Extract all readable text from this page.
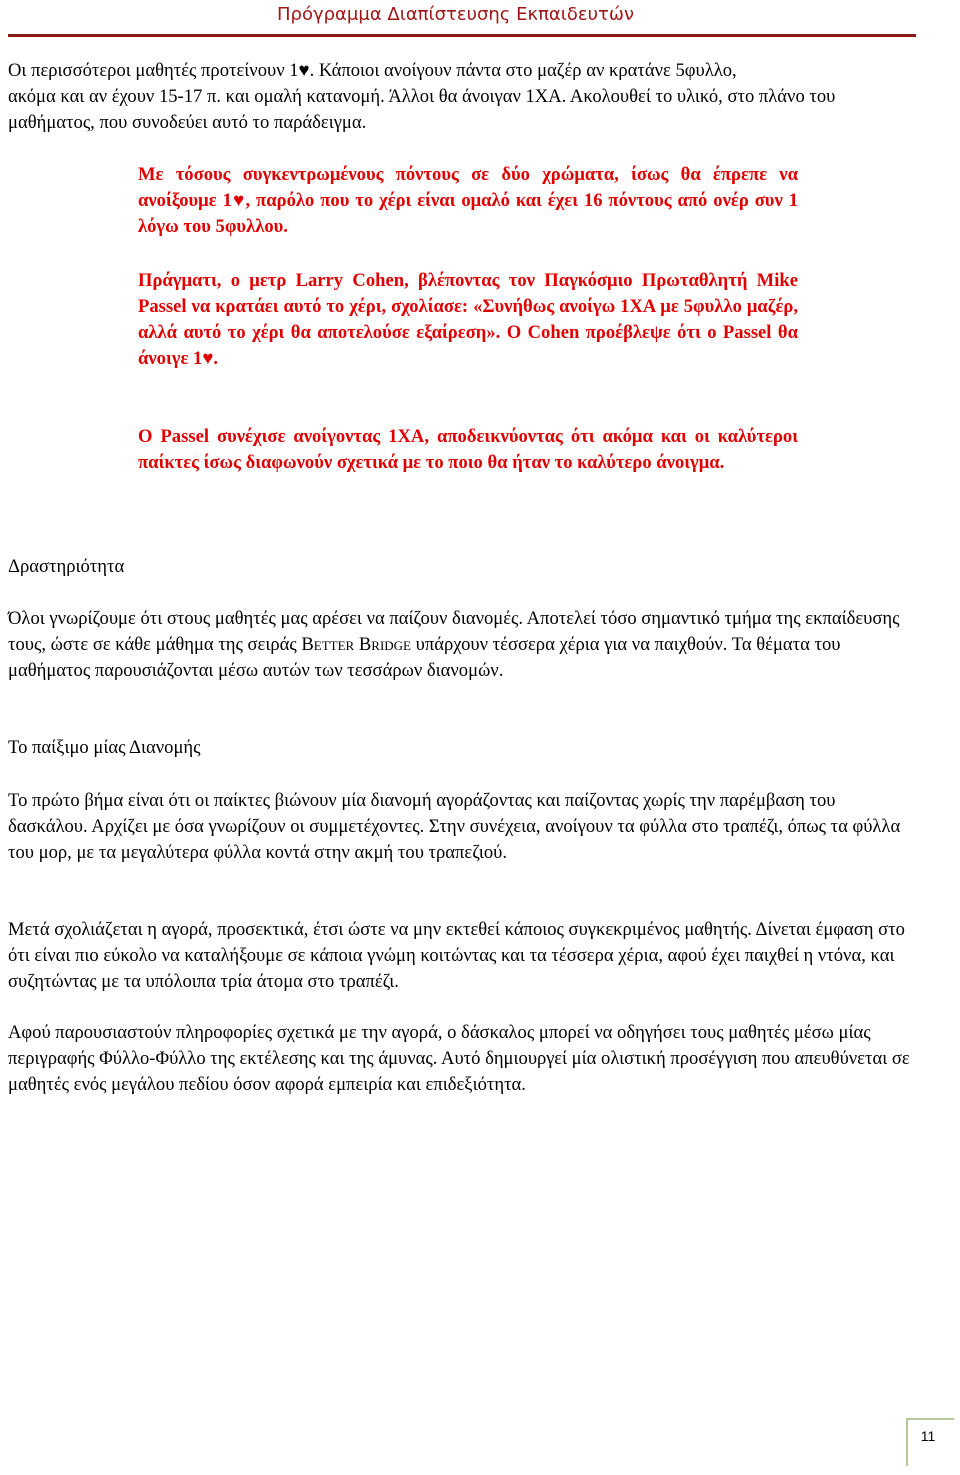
Πρόγραμμα Διαπίστευσης Εκπαιδευτών

Οι περισσότεροι μαθητές προτείνουν 1♥. Κάποιοι ανοίγουν πάντα στο μαζέρ αν κρατάνε 5φυλλο,
ακόμα και αν έχουν 15-17 π. και ομαλή κατανομή. Άλλοι θα άνοιγαν 1ΧΑ. Ακολουθεί το υλικό, στο πλάνο του μαθήματος, που συνοδεύει αυτό το παράδειγμα.

Με τόσους συγκεντρωμένους πόντους σε δύο χρώματα, ίσως θα έπρεπε να ανοίξουμε 1♥, παρόλο που το χέρι είναι ομαλό και έχει 16 πόντους από ονέρ συν 1 λόγω του 5φυλλου.

Πράγματι, ο μετρ Larry Cohen, βλέποντας τον Παγκόσμιο Πρωταθλητή Mike Passel να κρατάει αυτό το χέρι, σχολίασε: «Συνήθως ανοίγω 1ΧΑ με 5φυλλο μαζέρ, αλλά αυτό το χέρι θα αποτελούσε εξαίρεση». Ο Cohen προέβλεψε ότι ο Passel θα άνοιγε 1♥.

Ο Passel συνέχισε ανοίγοντας 1ΧΑ, αποδεικνύοντας ότι ακόμα και οι καλύτεροι παίκτες ίσως διαφωνούν σχετικά με το ποιο θα ήταν το καλύτερο άνοιγμα.

Δραστηριότητα

Όλοι γνωρίζουμε ότι στους μαθητές μας αρέσει να παίζουν διανομές. Αποτελεί τόσο σημαντικό τμήμα της εκπαίδευσης τους, ώστε σε κάθε μάθημα της σειράς Better Bridge υπάρχουν τέσσερα χέρια για να παιχθούν. Τα θέματα του μαθήματος παρουσιάζονται μέσω αυτών των τεσσάρων διανομών.

Το παίξιμο μίας Διανομής

Το πρώτο βήμα είναι ότι οι παίκτες βιώνουν μία διανομή αγοράζοντας και παίζοντας χωρίς την παρέμβαση του δασκάλου. Αρχίζει με όσα γνωρίζουν οι συμμετέχοντες. Στην συνέχεια, ανοίγουν τα φύλλα στο τραπέζι, όπως τα φύλλα του μορ, με τα μεγαλύτερα φύλλα κοντά στην ακμή του τραπεζιού.

Μετά σχολιάζεται η αγορά, προσεκτικά, έτσι ώστε να μην εκτεθεί κάποιος συγκεκριμένος μαθητής. Δίνεται έμφαση στο ότι είναι πιο εύκολο να καταλήξουμε σε κάποια γνώμη κοιτώντας και τα τέσσερα χέρια, αφού έχει παιχθεί η ντόνα, και συζητώντας με τα υπόλοιπα τρία άτομα στο τραπέζι.

Αφού παρουσιαστούν πληροφορίες σχετικά με την αγορά, ο δάσκαλος μπορεί να οδηγήσει τους μαθητές μέσω μίας περιγραφής Φύλλο-Φύλλο της εκτέλεσης και της άμυνας. Αυτό δημιουργεί μία ολιστική προσέγγιση που απευθύνεται σε μαθητές ενός μεγάλου πεδίου όσον αφορά εμπειρία και επιδεξιότητα.

11
